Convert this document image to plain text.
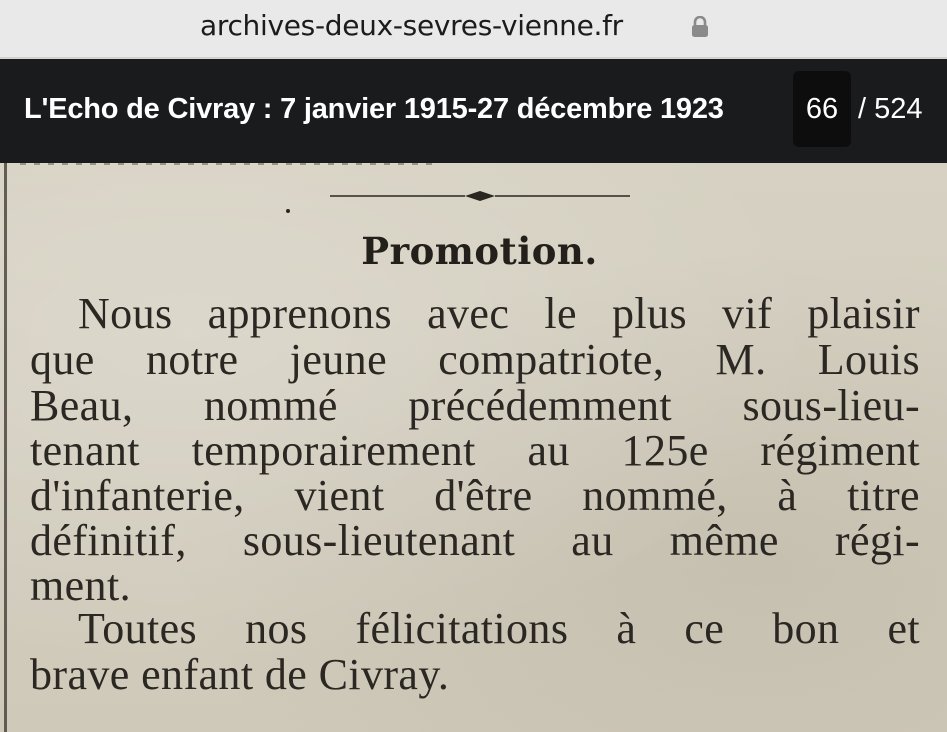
archives-deux-sevres-vienne.fr
L'Echo de Civray : 7 janvier 1915-27 décembre 1923	66 / 524
Promotion.
Nous apprenons avec le plus vif plaisir
que notre jeune compatriote, M. Louis
Beau, nommé précédemment sous-lieu-
tenant temporairement au 125e régiment
d'infanterie, vient d'être nommé, à titre
définitif, sous-lieutenant au même régi-
ment.
Toutes nos félicitations à ce bon et
brave enfant de Civray.
